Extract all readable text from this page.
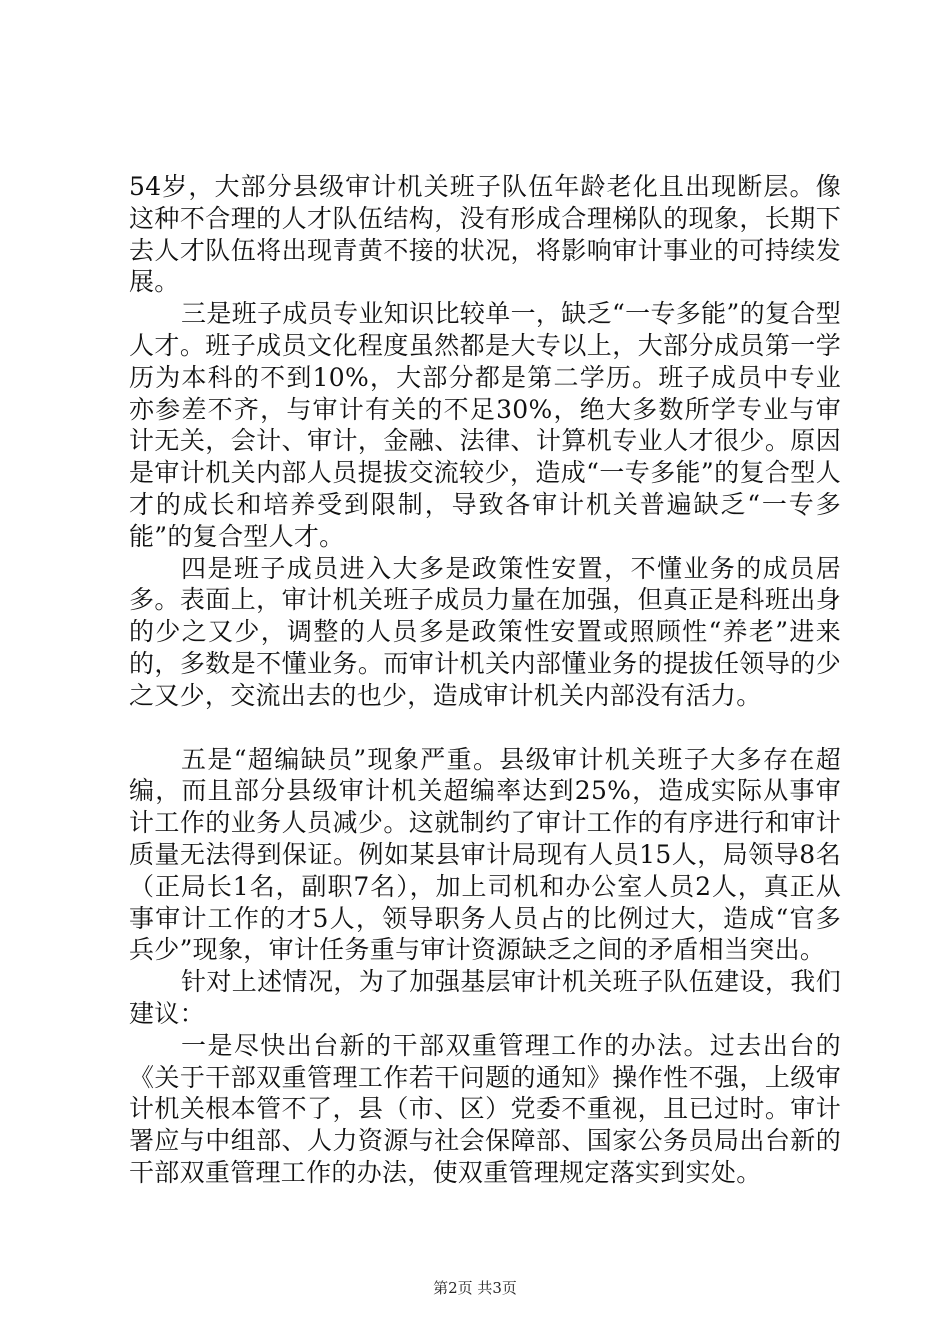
54岁，大部分县级审计机关班子队伍年龄老化且出现断层。像这种不合理的人才队伍结构，没有形成合理梯队的现象，长期下去人才队伍将出现青黄不接的状况，将影响审计事业的可持续发展。

三是班子成员专业知识比较单一，缺乏“一专多能”的复合型人才。班子成员文化程度虽然都是大专以上，大部分成员第一学历为本科的不到10%，大部分都是第二学历。班子成员中专业亦参差不齐，与审计有关的不足30%，绝大多数所学专业与审计无关，会计、审计，金融、法律、计算机专业人才很少。原因是审计机关内部人员提拔交流较少，造成“一专多能”的复合型人才的成长和培养受到限制，导致各审计机关普遍缺乏“一专多能”的复合型人才。

四是班子成员进入大多是政策性安置，不懂业务的成员居多。表面上，审计机关班子成员力量在加强，但真正是科班出身的少之又少，调整的人员多是政策性安置或照顾性“养老”进来的，多数是不懂业务。而审计机关内部懂业务的提拔任领导的少之又少，交流出去的也少，造成审计机关内部没有活力。

五是“超编缺员”现象严重。县级审计机关班子大多存在超编，而且部分县级审计机关超编率达到25%，造成实际从事审计工作的业务人员减少。这就制约了审计工作的有序进行和审计质量无法得到保证。例如某县审计局现有人员15人，局领导8名（正局长1名，副职7名），加上司机和办公室人员2人，真正从事审计工作的才5人，领导职务人员占的比例过大，造成“官多兵少”现象，审计任务重与审计资源缺乏之间的矛盾相当突出。

针对上述情况，为了加强基层审计机关班子队伍建设，我们建议：

一是尽快出台新的干部双重管理工作的办法。过去出台的《关于干部双重管理工作若干问题的通知》操作性不强，上级审计机关根本管不了，县（市、区）党委不重视，且已过时。审计署应与中组部、人力资源与社会保障部、国家公务员局出台新的干部双重管理工作的办法，使双重管理规定落实到实处。

第2页 共3页
